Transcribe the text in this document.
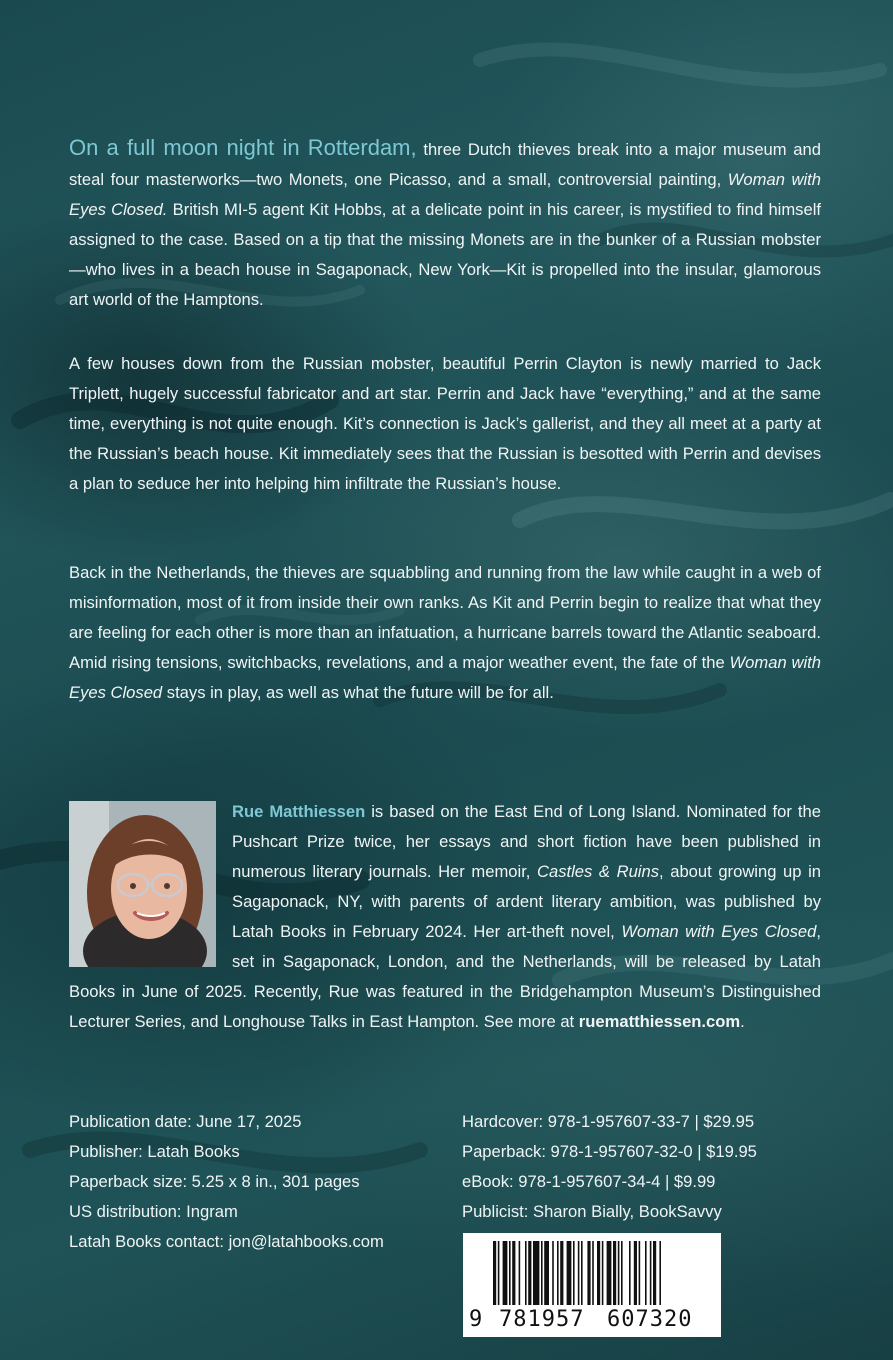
On a full moon night in Rotterdam, three Dutch thieves break into a major museum and steal four masterworks—two Monets, one Picasso, and a small, controversial painting, Woman with Eyes Closed. British MI-5 agent Kit Hobbs, at a delicate point in his career, is mystified to find himself assigned to the case. Based on a tip that the missing Monets are in the bunker of a Russian mobster—who lives in a beach house in Sagaponack, New York—Kit is propelled into the insular, glamorous art world of the Hamptons.
A few houses down from the Russian mobster, beautiful Perrin Clayton is newly married to Jack Triplett, hugely successful fabricator and art star. Perrin and Jack have “everything,” and at the same time, everything is not quite enough. Kit’s connection is Jack’s gallerist, and they all meet at a party at the Russian’s beach house. Kit immediately sees that the Russian is besotted with Perrin and devises a plan to seduce her into helping him infiltrate the Russian’s house.
Back in the Netherlands, the thieves are squabbling and running from the law while caught in a web of misinformation, most of it from inside their own ranks. As Kit and Perrin begin to realize that what they are feeling for each other is more than an infatuation, a hurricane barrels toward the Atlantic seaboard. Amid rising tensions, switchbacks, revelations, and a major weather event, the fate of the Woman with Eyes Closed stays in play, as well as what the future will be for all.
Rue Matthiessen is based on the East End of Long Island. Nominated for the Pushcart Prize twice, her essays and short fiction have been published in numerous literary journals. Her memoir, Castles & Ruins, about growing up in Sagaponack, NY, with parents of ardent literary ambition, was published by Latah Books in February 2024. Her art-theft novel, Woman with Eyes Closed, set in Sagaponack, London, and the Netherlands, will be released by Latah Books in June of 2025. Recently, Rue was featured in the Bridgehampton Museum’s Distinguished Lecturer Series, and Longhouse Talks in East Hampton. See more at ruematthiessen.com.
Publication date: June 17, 2025
Publisher: Latah Books
Paperback size: 5.25 x 8 in., 301 pages
US distribution: Ingram
Latah Books contact: jon@latahbooks.com
Hardcover: 978-1-957607-33-7 | $29.95
Paperback: 978-1-957607-32-0 | $19.95
eBook: 978-1-957607-34-4 | $9.99
Publicist: Sharon Bially, BookSavvy
9 781957 607320
